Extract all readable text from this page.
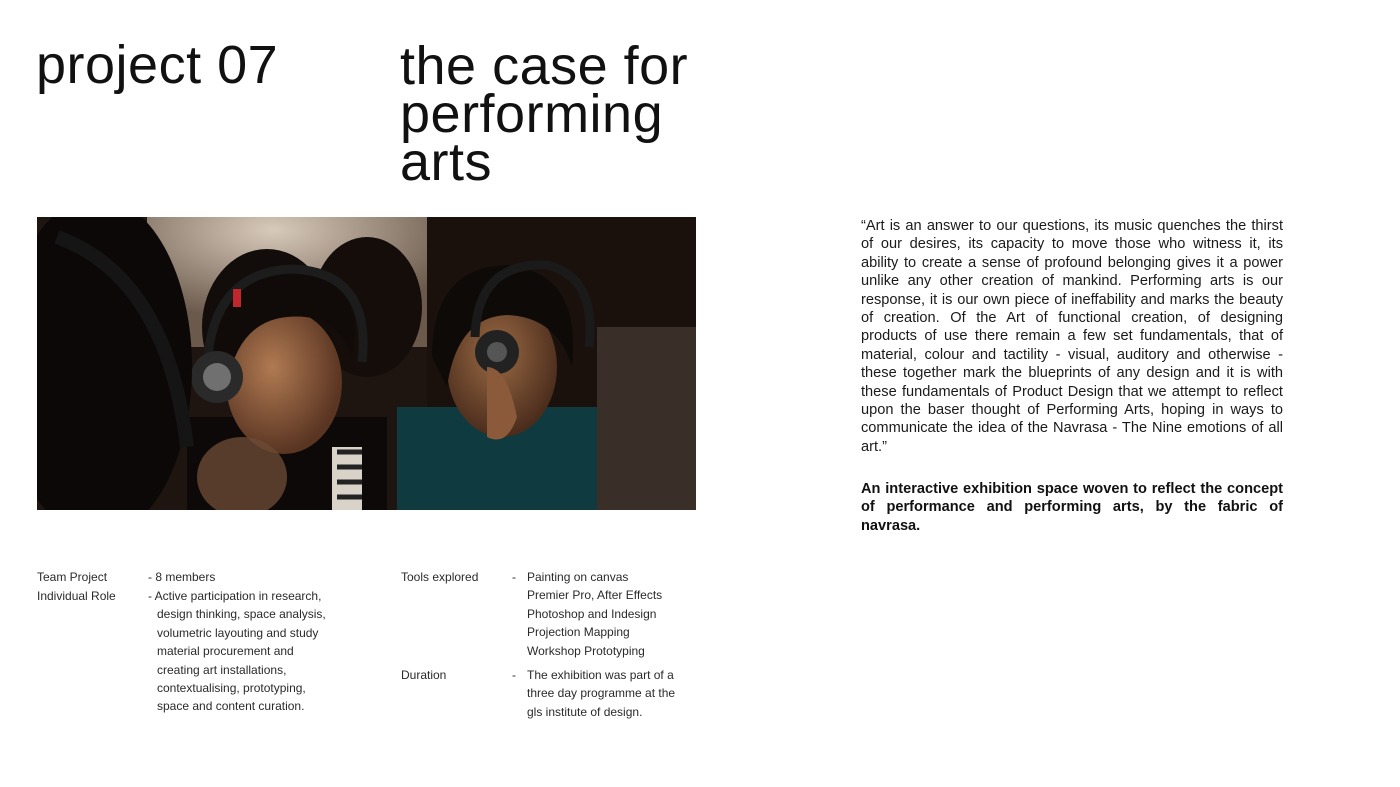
project 07 the case for
performing
arts

“Art is an answer to our questions, its music quenches the thirst of our desires, its capacity to move those who witness it, its ability to create a sense of profound belonging gives it a power unlike any other creation of mankind. Performing arts is our response, it is our own piece of ineffability and marks the beauty of creation. Of the Art of functional creation, of designing products of use there remain a few set fundamentals, that of material, colour and tactility - visual, auditory and otherwise - these together mark the blueprints of any design and it is with these fundamentals of Product Design that we attempt to reflect upon the baser thought of Performing Arts, hoping in ways to communicate the idea of the Navrasa - The Nine emotions of all art.”

An interactive exhibition space woven to reflect the concept of performance and performing arts, by the fabric of navrasa.

Team Project	- 8 members
Individual Role	- Active participation in research, design thinking, space analysis, volumetric layouting and study material procurement and creating art installations, contextualising, prototyping, space and content curation.
Tools explored	- Painting on canvas
Premier Pro, After Effects
Photoshop and Indesign
Projection Mapping
Workshop Prototyping
Duration	- The exhibition was part of a three day programme at the gls institute of design.
